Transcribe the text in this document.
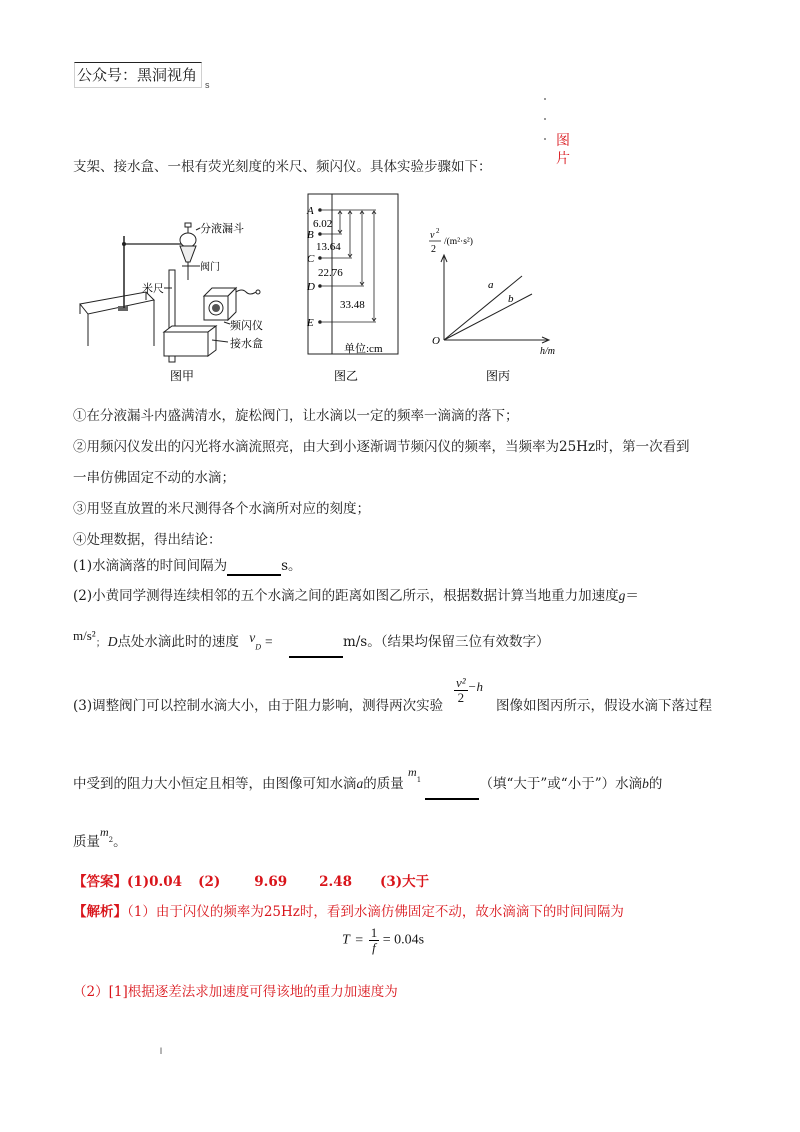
公众号：黑洞视角
s
图
片
支架、接水盒、一根有荧光刻度的米尺、频闪仪。具体实验步骤如下：
分液漏斗
阀门
米尺
频闪仪
接水盒
图甲
A
B
C
D
E
6.02
13.64
22.76
33.48
单位:cm
图乙
v 2
2
/(m²·s²)
a
b
O
h/m
图丙
①在分液漏斗内盛满清水，旋松阀门，让水滴以一定的频率一滴滴的落下；
②用频闪仪发出的闪光将水滴流照亮，由大到小逐渐调节频闪仪的频率，当频率为25Hz时，第一次看到
一串仿佛固定不动的水滴；
③用竖直放置的米尺测得各个水滴所对应的刻度；
④处理数据，得出结论：
(1)水滴滴落的时间间隔为	s。
(2)小黄同学测得连续相邻的五个水滴之间的距离如图乙所示，根据数据计算当地重力加速度g＝
m/s²； D点处水滴此时的速度 $v_D$ =	m/s。（结果均保留三位有效数字）
(3)调整阀门可以控制水滴大小，由于阻力影响，测得两次实验
$\frac{\text{v²}}{2} ^{-h}$
图像如图丙所示，假设水滴下落过程
中受到的阻力大小恒定且相等，由图像可知水滴a的质量 $m_1$	（填“大于”或“小于”）水滴b的
质量$m_2$。
【答案】(1)0.04 (2)	9.69 2.48 (3)大于
【解析】（1）由于闪仪的频率为25Hz时，看到水滴仿佛固定不动，故水滴滴下的时间间隔为
$T = \frac{1}{f} = 0.04s$
（2）[1]根据逐差法求加速度可得该地的重力加速度为
l
